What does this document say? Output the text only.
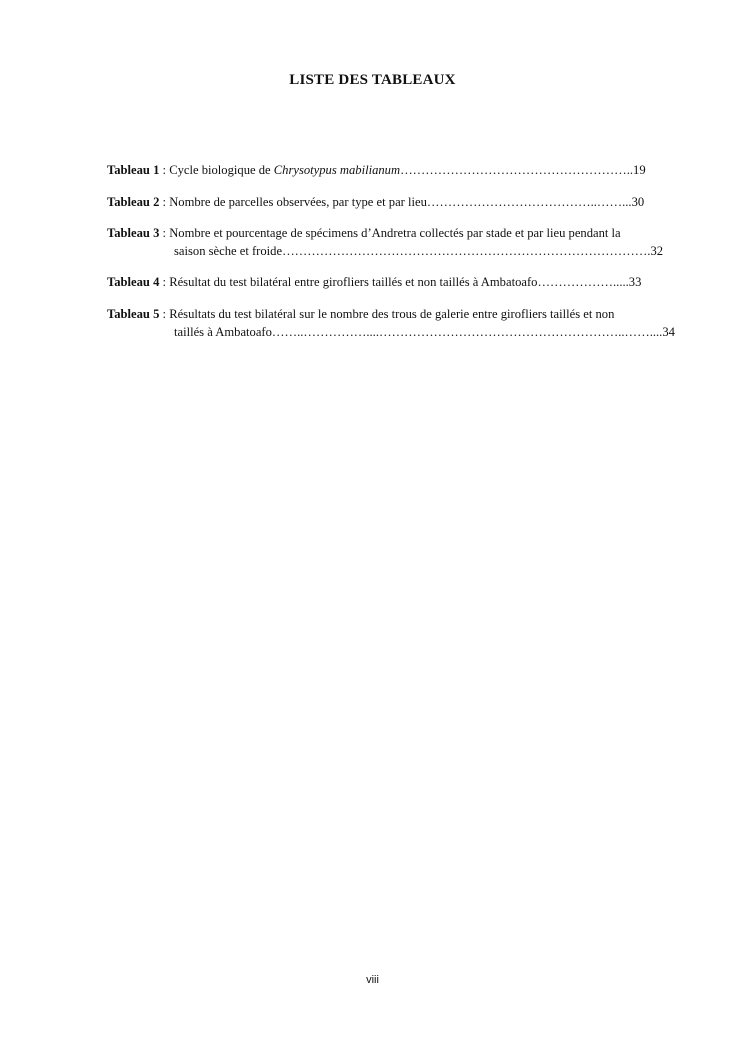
LISTE DES TABLEAUX
Tableau 1 : Cycle biologique de Chrysotypus mabilianum………………………………………………..19
Tableau 2 : Nombre de parcelles observées, par type et par lieu…………………………………..……...30
Tableau 3 : Nombre et pourcentage de spécimens d’Andretra collectés par stade et par lieu pendant la
saison sèche et froide…………………………………………………………………………….32
Tableau 4 : Résultat du test bilatéral entre girofliers taillés et non taillés à Ambatoafo……………….....33
Tableau 5 : Résultats du test bilatéral sur le nombre des trous de galerie entre girofliers taillés et non
taillés à Ambatoafo……..……………....…………………………………………………..……....34
viii
